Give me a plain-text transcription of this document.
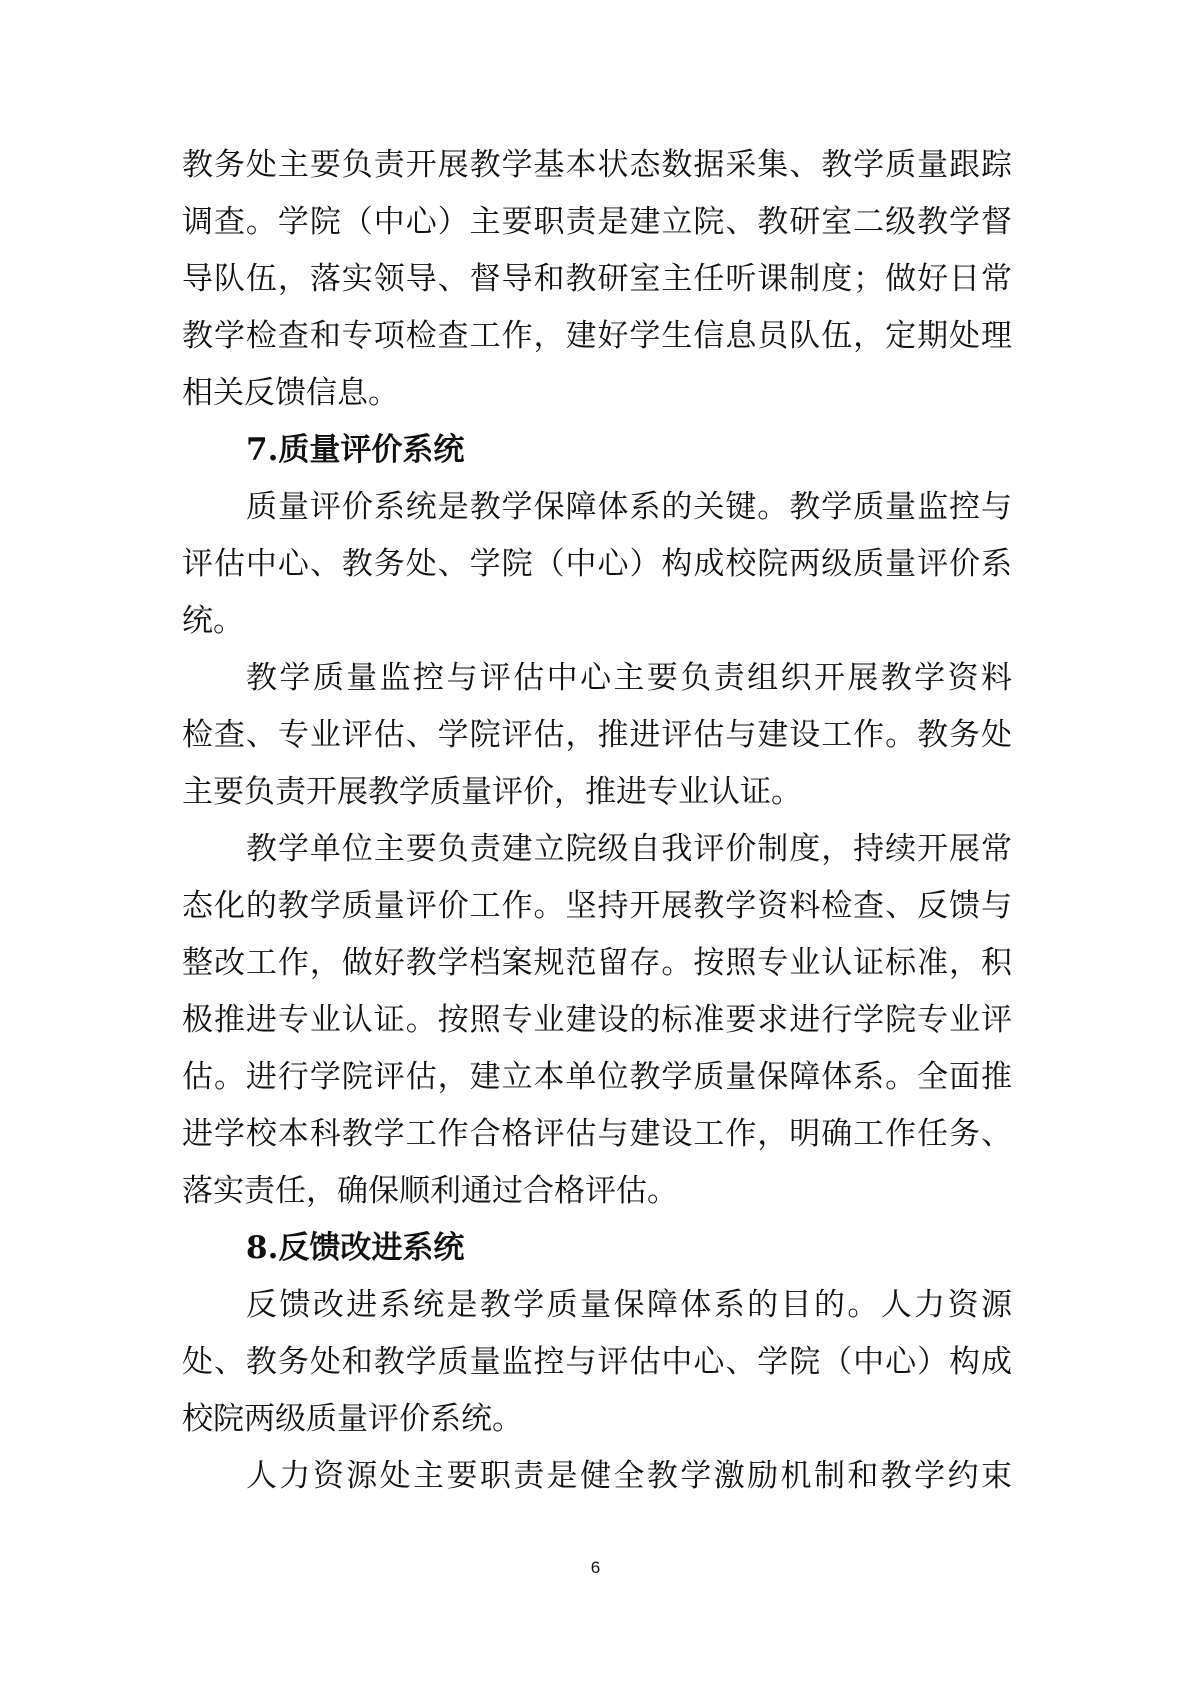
教务处主要负责开展教学基本状态数据采集、教学质量跟踪
调查。学院（中心）主要职责是建立院、教研室二级教学督
导队伍，落实领导、督导和教研室主任听课制度；做好日常
教学检查和专项检查工作，建好学生信息员队伍，定期处理
相关反馈信息。
7.质量评价系统
质量评价系统是教学保障体系的关键。教学质量监控与
评估中心、教务处、学院（中心）构成校院两级质量评价系
统。
教学质量监控与评估中心主要负责组织开展教学资料
检查、专业评估、学院评估，推进评估与建设工作。教务处
主要负责开展教学质量评价，推进专业认证。
教学单位主要负责建立院级自我评价制度，持续开展常
态化的教学质量评价工作。坚持开展教学资料检查、反馈与
整改工作，做好教学档案规范留存。按照专业认证标准，积
极推进专业认证。按照专业建设的标准要求进行学院专业评
估。进行学院评估，建立本单位教学质量保障体系。全面推
进学校本科教学工作合格评估与建设工作，明确工作任务、
落实责任，确保顺利通过合格评估。
8.反馈改进系统
反馈改进系统是教学质量保障体系的目的。人力资源
处、教务处和教学质量监控与评估中心、学院（中心）构成
校院两级质量评价系统。
人力资源处主要职责是健全教学激励机制和教学约束
6
